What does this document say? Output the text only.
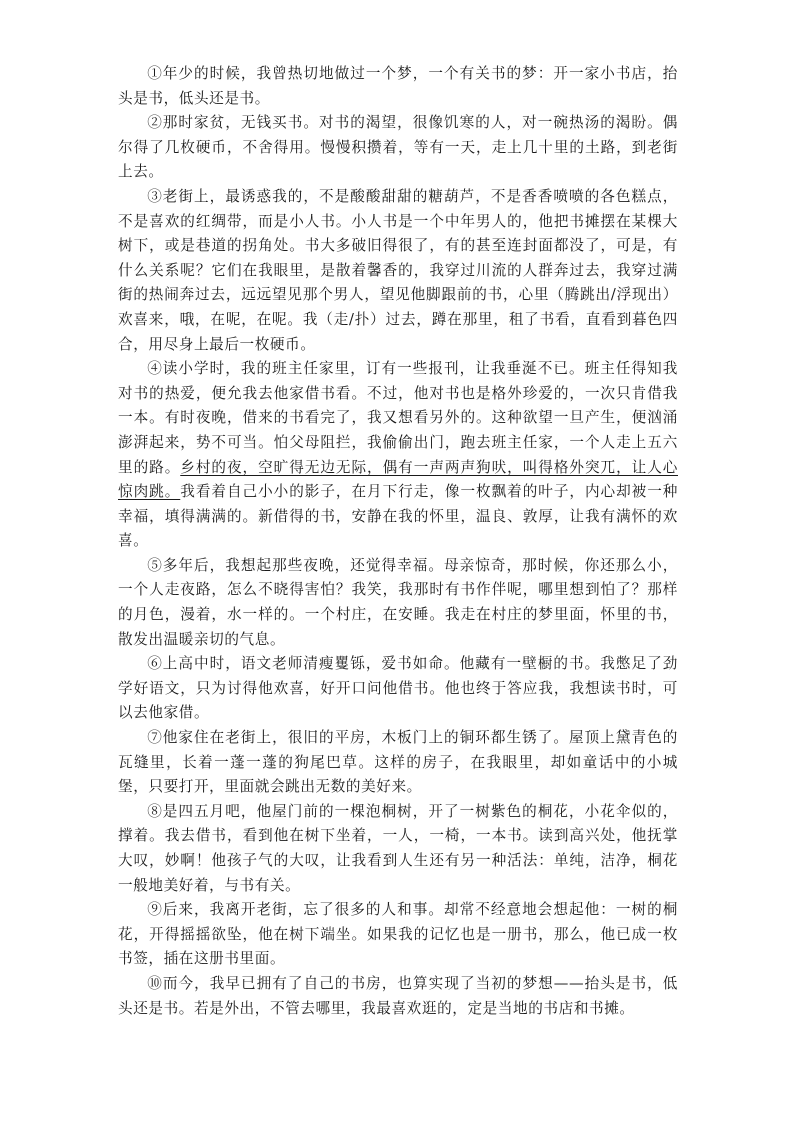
①年少的时候，我曾热切地做过一个梦，一个有关书的梦：开一家小书店，抬头是书，低头还是书。

②那时家贫，无钱买书。对书的渴望，很像饥寒的人，对一碗热汤的渴盼。偶尔得了几枚硬币，不舍得用。慢慢积攒着，等有一天，走上几十里的土路，到老街上去。

③老街上，最诱惑我的，不是酸酸甜甜的糖葫芦，不是香香喷喷的各色糕点，不是喜欢的红绸带，而是小人书。小人书是一个中年男人的，他把书摊摆在某棵大树下，或是巷道的拐角处。书大多破旧得很了，有的甚至连封面都没了，可是，有什么关系呢？它们在我眼里，是散着馨香的，我穿过川流的人群奔过去，我穿过满街的热闹奔过去，远远望见那个男人，望见他脚跟前的书，心里（腾跳出/浮现出）欢喜来，哦，在呢，在呢。我（走/扑）过去，蹲在那里，租了书看，直看到暮色四合，用尽身上最后一枚硬币。

④读小学时，我的班主任家里，订有一些报刊，让我垂涎不已。班主任得知我对书的热爱，便允我去他家借书看。不过，他对书也是格外珍爱的，一次只肯借我一本。有时夜晚，借来的书看完了，我又想看另外的。这种欲望一旦产生，便汹涌澎湃起来，势不可当。怕父母阻拦，我偷偷出门，跑去班主任家，一个人走上五六里的路。乡村的夜，空旷得无边无际，偶有一声两声狗吠，叫得格外突兀，让人心惊肉跳。我看着自己小小的影子，在月下行走，像一枚飘着的叶子，内心却被一种幸福，填得满满的。新借得的书，安静在我的怀里，温良、敦厚，让我有满怀的欢喜。

⑤多年后，我想起那些夜晚，还觉得幸福。母亲惊奇，那时候，你还那么小，一个人走夜路，怎么不晓得害怕？我笑，我那时有书作伴呢，哪里想到怕了？那样的月色，漫着，水一样的。一个村庄，在安睡。我走在村庄的梦里面，怀里的书，散发出温暖亲切的气息。

⑥上高中时，语文老师清瘦矍铄，爱书如命。他藏有一壁橱的书。我憋足了劲学好语文，只为讨得他欢喜，好开口问他借书。他也终于答应我，我想读书时，可以去他家借。

⑦他家住在老街上，很旧的平房，木板门上的铜环都生锈了。屋顶上黛青色的瓦缝里，长着一蓬一蓬的狗尾巴草。这样的房子，在我眼里，却如童话中的小城堡，只要打开，里面就会跳出无数的美好来。

⑧是四五月吧，他屋门前的一棵泡桐树，开了一树紫色的桐花，小花伞似的，撑着。我去借书，看到他在树下坐着，一人，一椅，一本书。读到高兴处，他抚掌大叹，妙啊！他孩子气的大叹，让我看到人生还有另一种活法：单纯，洁净，桐花一般地美好着，与书有关。

⑨后来，我离开老街，忘了很多的人和事。却常不经意地会想起他：一树的桐花，开得摇摇欲坠，他在树下端坐。如果我的记忆也是一册书，那么，他已成一枚书签，插在这册书里面。

⑩而今，我早已拥有了自己的书房，也算实现了当初的梦想——抬头是书，低头还是书。若是外出，不管去哪里，我最喜欢逛的，定是当地的书店和书摊。
